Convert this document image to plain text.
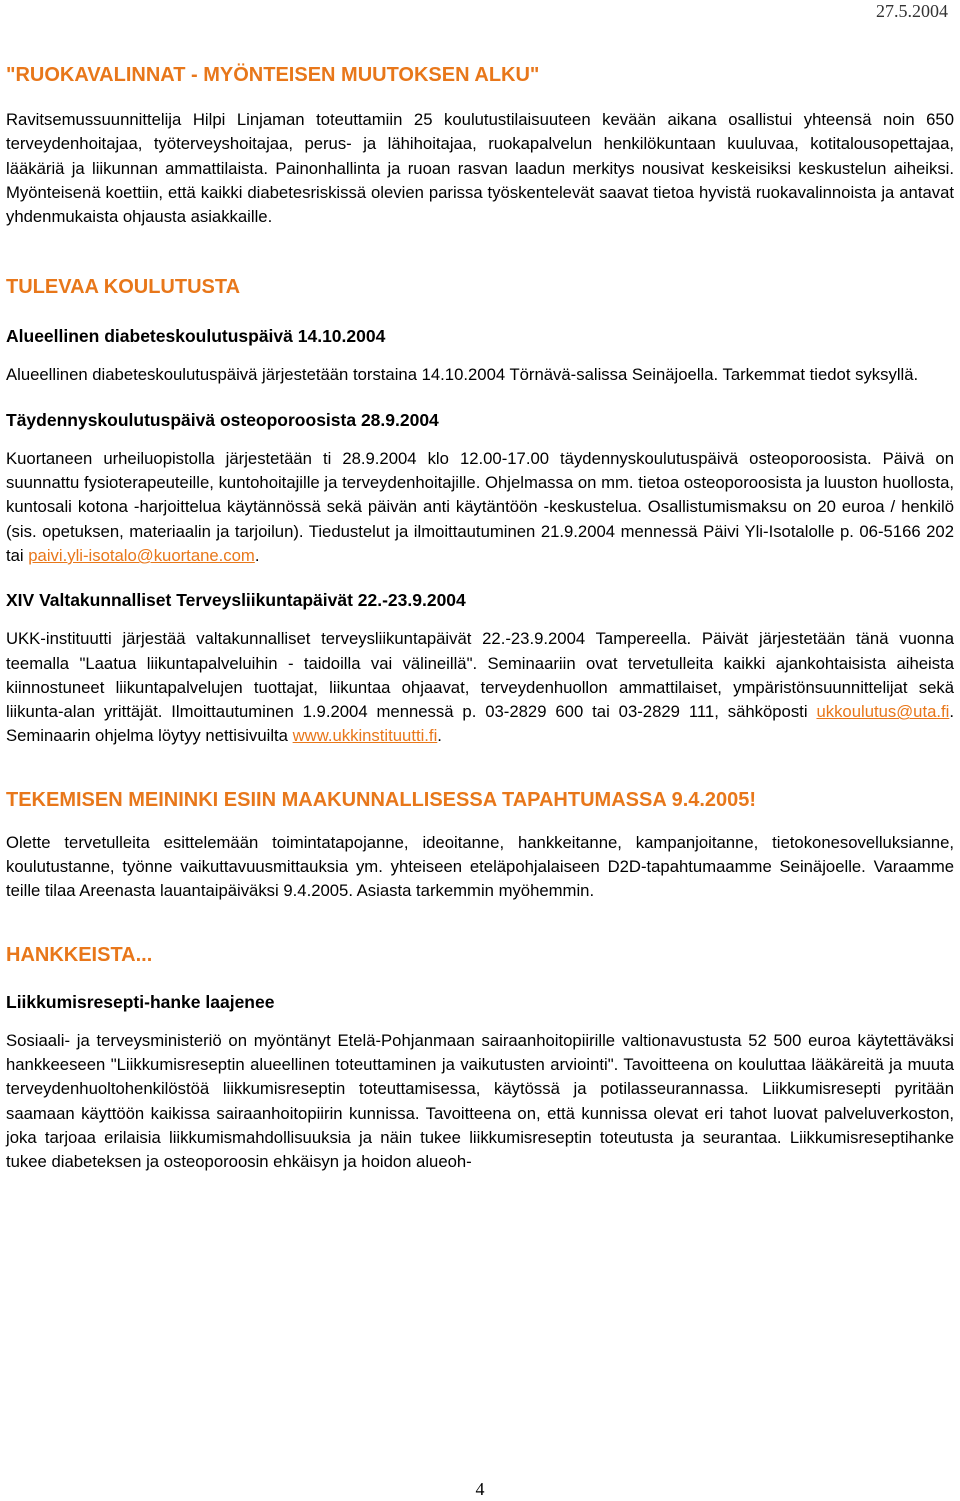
27.5.2004
"RUOKAVALINNAT - MYÖNTEISEN MUUTOKSEN ALKU"

Ravitsemussuunnittelija Hilpi Linjaman toteuttamiin 25 koulutustilaisuuteen kevään aikana osallistui yhteensä noin 650 terveydenhoitajaa, työterveyshoitajaa, perus- ja lähihoitajaa, ruokapalvelun henkilökuntaan kuuluvaa, kotitalousopettajaa, lääkäriä ja liikunnan ammattilaista. Painonhallinta ja ruoan rasvan laadun merkitys nousivat keskeisiksi keskustelun aiheiksi. Myönteisenä koettiin, että kaikki diabetesriskissä olevien parissa työskentelevät saavat tietoa hyvistä ruokavalinnoista ja antavat yhdenmukaista ohjausta asiakkaille.

TULEVAA KOULUTUSTA
Alueellinen diabeteskoulutuspäivä 14.10.2004

Alueellinen diabeteskoulutuspäivä järjestetään torstaina 14.10.2004 Törnävä-salissa Seinäjoella. Tarkemmat tiedot syksyllä.

Täydennyskoulutuspäivä osteoporoosista 28.9.2004

Kuortaneen urheiluopistolla järjestetään ti 28.9.2004 klo 12.00-17.00 täydennyskoulutuspäivä osteoporoosista. Päivä on suunnattu fysioterapeuteille, kuntohoitajille ja terveydenhoitajille. Ohjelmassa on mm. tietoa osteoporoosista ja luuston huollosta, kuntosali kotona -harjoittelua käytännössä sekä päivän anti käytäntöön -keskustelua. Osallistumismaksu on 20 euroa / henkilö (sis. opetuksen, materiaalin ja tarjoilun). Tiedustelut ja ilmoittautuminen 21.9.2004 mennessä Päivi Yli-Isotalolle p. 06-5166 202 tai paivi.yli-isotalo@kuortane.com.

XIV Valtakunnalliset Terveysliikuntapäivät 22.-23.9.2004

UKK-instituutti järjestää valtakunnalliset terveysliikuntapäivät 22.-23.9.2004 Tampereella. Päivät järjestetään tänä vuonna teemalla "Laatua liikuntapalveluihin - taidoilla vai välineillä". Seminaariin ovat tervetulleita kaikki ajankohtaisista aiheista kiinnostuneet liikuntapalvelujen tuottajat, liikuntaa ohjaavat, terveydenhuollon ammattilaiset, ympäristönsuunnittelijat sekä liikunta-alan yrittäjät. Ilmoittautuminen 1.9.2004 mennessä p. 03-2829 600 tai 03-2829 111, sähköposti ukkoulutus@uta.fi. Seminaarin ohjelma löytyy nettisivuilta www.ukkinstituutti.fi.

TEKEMISEN MEININKI ESIIN MAAKUNNALLISESSA TAPAHTUMASSA 9.4.2005!

Olette tervetulleita esittelemään toimintatapojanne, ideoitanne, hankkeitanne, kampanjoitanne, tietokonesovelluksianne, koulutustanne, työnne vaikuttavuusmittauksia ym. yhteiseen eteläpohjalaiseen D2D-tapahtumaamme Seinäjoelle. Varaamme teille tilaa Areenasta lauantaipäiväksi 9.4.2005. Asiasta tarkemmin myöhemmin.

HANKKEISTA...
Liikkumisresepti-hanke laajenee

Sosiaali- ja terveysministeriö on myöntänyt Etelä-Pohjanmaan sairaanhoitopiirille valtionavustusta 52 500 euroa käytettäväksi hankkeeseen "Liikkumisreseptin alueellinen toteuttaminen ja vaikutusten arviointi". Tavoitteena on kouluttaa lääkäreitä ja muuta terveydenhuoltohenkilöstöä liikkumisreseptin toteuttamisessa, käytössä ja potilasseurannassa. Liikkumisresepti pyritään saamaan käyttöön kaikissa sairaanhoitopiirin kunnissa. Tavoitteena on, että kunnissa olevat eri tahot luovat palveluverkoston, joka tarjoaa erilaisia liikkumismahdollisuuksia ja näin tukee liikkumisreseptin toteutusta ja seurantaa. Liikkumisreseptihanke tukee diabeteksen ja osteoporoosin ehkäisyn ja hoidon alueoh-

4
